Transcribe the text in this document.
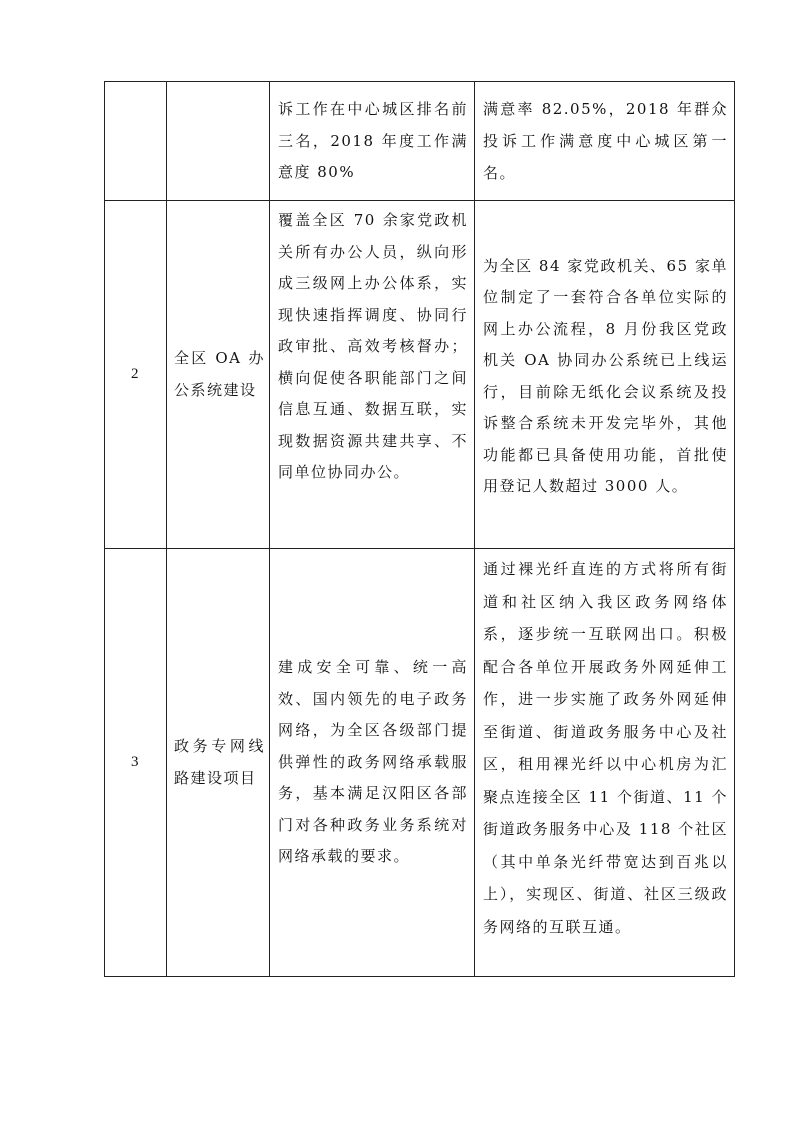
		诉工作在中心城区排名前三名，2018 年度工作满意度 80%	满意率 82.05%，2018 年群众投诉工作满意度中心城区第一名。
2	全区 OA 办公系统建设	覆盖全区 70 余家党政机关所有办公人员，纵向形成三级网上办公体系，实现快速指挥调度、协同行政审批、高效考核督办；横向促使各职能部门之间信息互通、数据互联，实现数据资源共建共享、不同单位协同办公。	为全区 84 家党政机关、65 家单位制定了一套符合各单位实际的网上办公流程，8 月份我区党政机关 OA 协同办公系统已上线运行，目前除无纸化会议系统及投诉整合系统未开发完毕外，其他功能都已具备使用功能，首批使用登记人数超过 3000 人。
3	政务专网线路建设项目	建成安全可靠、统一高效、国内领先的电子政务网络，为全区各级部门提供弹性的政务网络承载服务，基本满足汉阳区各部门对各种政务业务系统对网络承载的要求。	通过裸光纤直连的方式将所有街道和社区纳入我区政务网络体系，逐步统一互联网出口。积极配合各单位开展政务外网延伸工作，进一步实施了政务外网延伸至街道、街道政务服务中心及社区，租用裸光纤以中心机房为汇聚点连接全区 11 个街道、11 个街道政务服务中心及 118 个社区（其中单条光纤带宽达到百兆以上），实现区、街道、社区三级政务网络的互联互通。
